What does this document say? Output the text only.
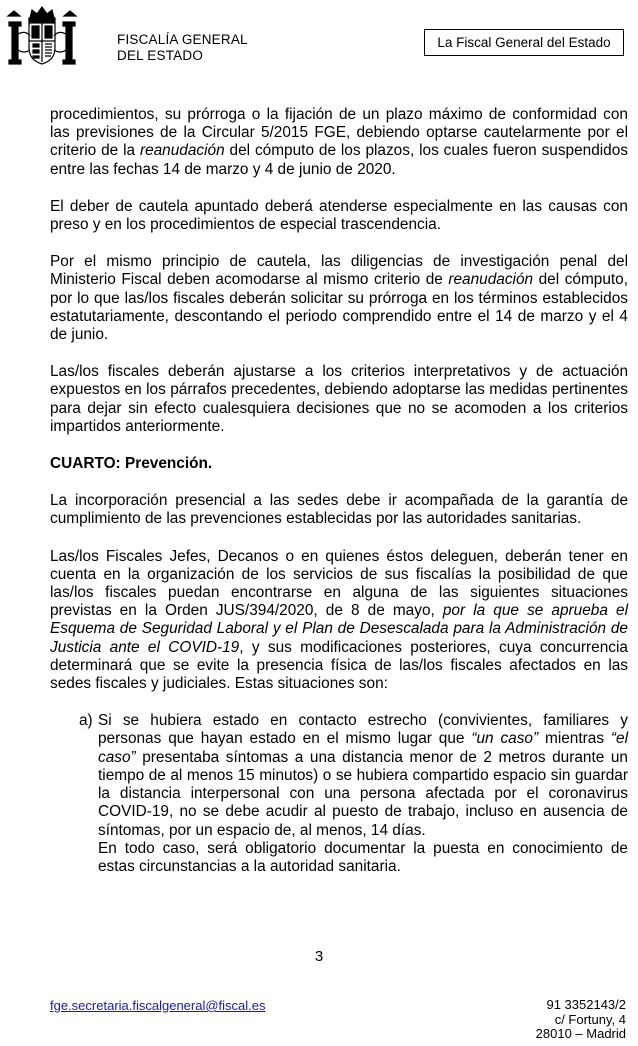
FISCALÍA GENERAL
DEL ESTADO
La Fiscal General del Estado

procedimientos, su prórroga o la fijación de un plazo máximo de conformidad con las previsiones de la Circular 5/2015 FGE, debiendo optarse cautelarmente por el criterio de la reanudación del cómputo de los plazos, los cuales fueron suspendidos entre las fechas 14 de marzo y 4 de junio de 2020.

El deber de cautela apuntado deberá atenderse especialmente en las causas con preso y en los procedimientos de especial trascendencia.

Por el mismo principio de cautela, las diligencias de investigación penal del Ministerio Fiscal deben acomodarse al mismo criterio de reanudación del cómputo, por lo que las/los fiscales deberán solicitar su prórroga en los términos establecidos estatutariamente, descontando el periodo comprendido entre el 14 de marzo y el 4 de junio.

Las/los fiscales deberán ajustarse a los criterios interpretativos y de actuación expuestos en los párrafos precedentes, debiendo adoptarse las medidas pertinentes para dejar sin efecto cualesquiera decisiones que no se acomoden a los criterios impartidos anteriormente.

CUARTO: Prevención.

La incorporación presencial a las sedes debe ir acompañada de la garantía de cumplimiento de las prevenciones establecidas por las autoridades sanitarias.

Las/los Fiscales Jefes, Decanos o en quienes éstos deleguen, deberán tener en cuenta en la organización de los servicios de sus fiscalías la posibilidad de que las/los fiscales puedan encontrarse en alguna de las siguientes situaciones previstas en la Orden JUS/394/2020, de 8 de mayo, por la que se aprueba el Esquema de Seguridad Laboral y el Plan de Desescalada para la Administración de Justicia ante el COVID-19, y sus modificaciones posteriores, cuya concurrencia determinará que se evite la presencia física de las/los fiscales afectados en las sedes fiscales y judiciales. Estas situaciones son:

a) Si se hubiera estado en contacto estrecho (convivientes, familiares y personas que hayan estado en el mismo lugar que “un caso” mientras “el caso” presentaba síntomas a una distancia menor de 2 metros durante un tiempo de al menos 15 minutos) o se hubiera compartido espacio sin guardar la distancia interpersonal con una persona afectada por el coronavirus COVID-19, no se debe acudir al puesto de trabajo, incluso en ausencia de síntomas, por un espacio de, al menos, 14 días.

En todo caso, será obligatorio documentar la puesta en conocimiento de estas circunstancias a la autoridad sanitaria.

3
fge.secretaria.fiscalgeneral@fiscal.es	91 3352143/2
c/ Fortuny, 4
28010 – Madrid
